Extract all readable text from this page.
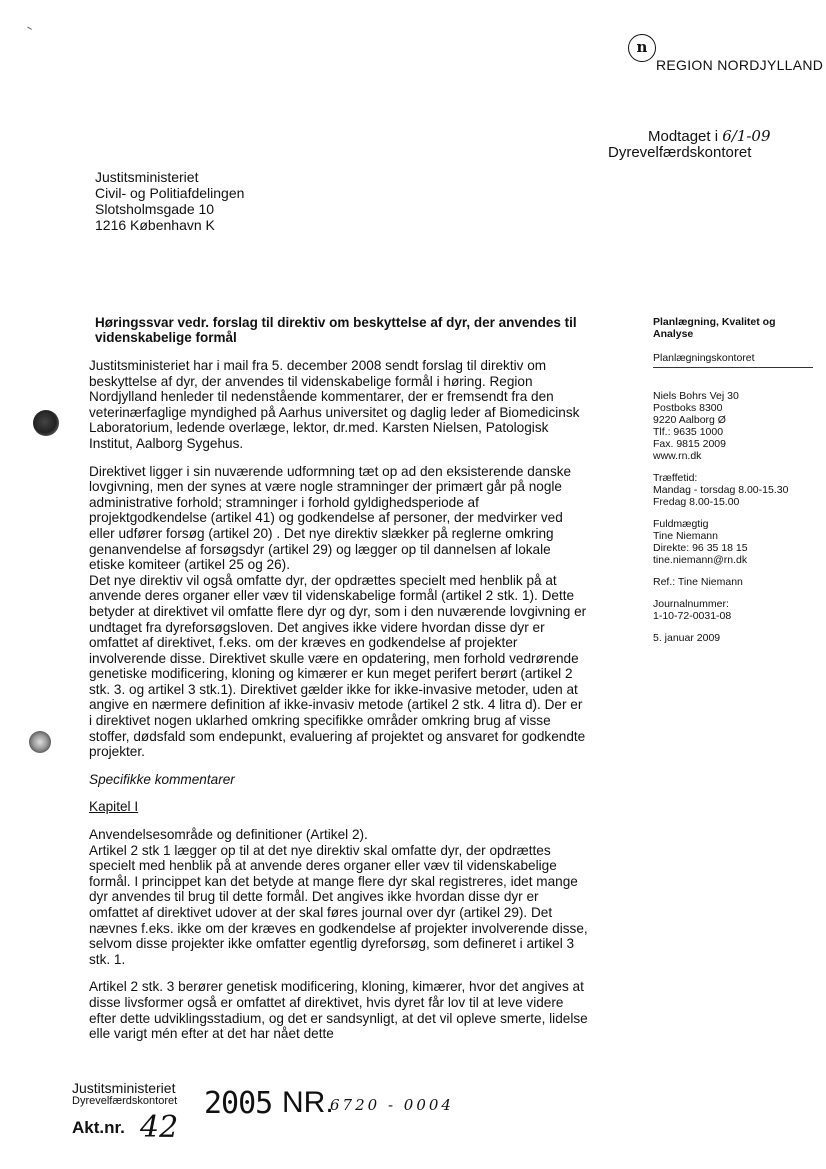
n
REGION NORDJYLLAND
Modtaget i 6/1-09
Dyrevelfærdskontoret
Justitsministeriet
Civil- og Politiafdelingen
Slotsholmsgade 10
1216 København K
Høringssvar vedr. forslag til direktiv om beskyttelse af dyr, der anvendes til videnskabelige formål

Justitsministeriet har i mail fra 5. december 2008 sendt forslag til direktiv om beskyttelse af dyr, der anvendes til videnskabelige formål i høring. Region Nordjylland henleder til nedenstående kommentarer, der er fremsendt fra den veterinærfaglige myndighed på Aarhus universitet og daglig leder af Biomedicinsk Laboratorium, ledende overlæge, lektor, dr.med. Karsten Nielsen, Patologisk Institut, Aalborg Sygehus.

Direktivet ligger i sin nuværende udformning tæt op ad den eksisterende danske lovgivning, men der synes at være nogle stramninger der primært går på nogle administrative forhold; stramninger i forhold gyldighedsperiode af projektgodkendelse (artikel 41) og godkendelse af personer, der medvirker ved eller udfører forsøg (artikel 20) . Det nye direktiv slækker på reglerne omkring genanvendelse af forsøgsdyr (artikel 29) og lægger op til dannelsen af lokale etiske komiteer (artikel 25 og 26).

Det nye direktiv vil også omfatte dyr, der opdrættes specielt med henblik på at anvende deres organer eller væv til videnskabelige formål (artikel 2 stk. 1). Dette betyder at direktivet vil omfatte flere dyr og dyr, som i den nuværende lovgivning er undtaget fra dyreforsøgsloven. Det angives ikke videre hvordan disse dyr er omfattet af direktivet, f.eks. om der kræves en godkendelse af projekter involverende disse. Direktivet skulle være en opdatering, men forhold vedrørende genetiske modificering, kloning og kimærer er kun meget perifert berørt (artikel 2 stk. 3. og artikel 3 stk.1). Direktivet gælder ikke for ikke-invasive metoder, uden at angive en nærmere definition af ikke-invasiv metode (artikel 2 stk. 4 litra d). Der er i direktivet nogen uklarhed omkring specifikke områder omkring brug af visse stoffer, dødsfald som endepunkt, evaluering af projektet og ansvaret for godkendte projekter.

Specifikke kommentarer

Kapitel I

Anvendelsesområde og definitioner (Artikel 2).

Artikel 2 stk 1 lægger op til at det nye direktiv skal omfatte dyr, der opdrættes specielt med henblik på at anvende deres organer eller væv til videnskabelige formål. I princippet kan det betyde at mange flere dyr skal registreres, idet mange dyr anvendes til brug til dette formål. Det angives ikke hvordan disse dyr er omfattet af direktivet udover at der skal føres journal over dyr (artikel 29). Det nævnes f.eks. ikke om der kræves en godkendelse af projekter involverende disse, selvom disse projekter ikke omfatter egentlig dyreforsøg, som defineret i artikel 3 stk. 1.

Artikel 2 stk. 3 berører genetisk modificering, kloning, kimærer, hvor det angives at disse livsformer også er omfattet af direktivet, hvis dyret får lov til at leve videre efter dette udviklingsstadium, og det er sandsynligt, at det vil opleve smerte, lidelse elle varigt mén efter at det har nået dette

Planlægning, Kvalitet og Analyse
Planlægningskontoret
Niels Bohrs Vej 30
Postboks 8300
9220 Aalborg Ø
Tlf.: 9635 1000
Fax. 9815 2009
www.rn.dk
Træffetid:
Mandag - torsdag 8.00-15.30
Fredag 8.00-15.00
Fuldmægtig
Tine Niemann
Direkte: 96 35 18 15
tine.niemann@rn.dk
Ref.: Tine Niemann
Journalnummer:
1-10-72-0031-08
5. januar 2009
Justitsministeriet
Dyrevelfærdskontoret 2005 NR.
6720 - 0004
Akt.nr. 42
